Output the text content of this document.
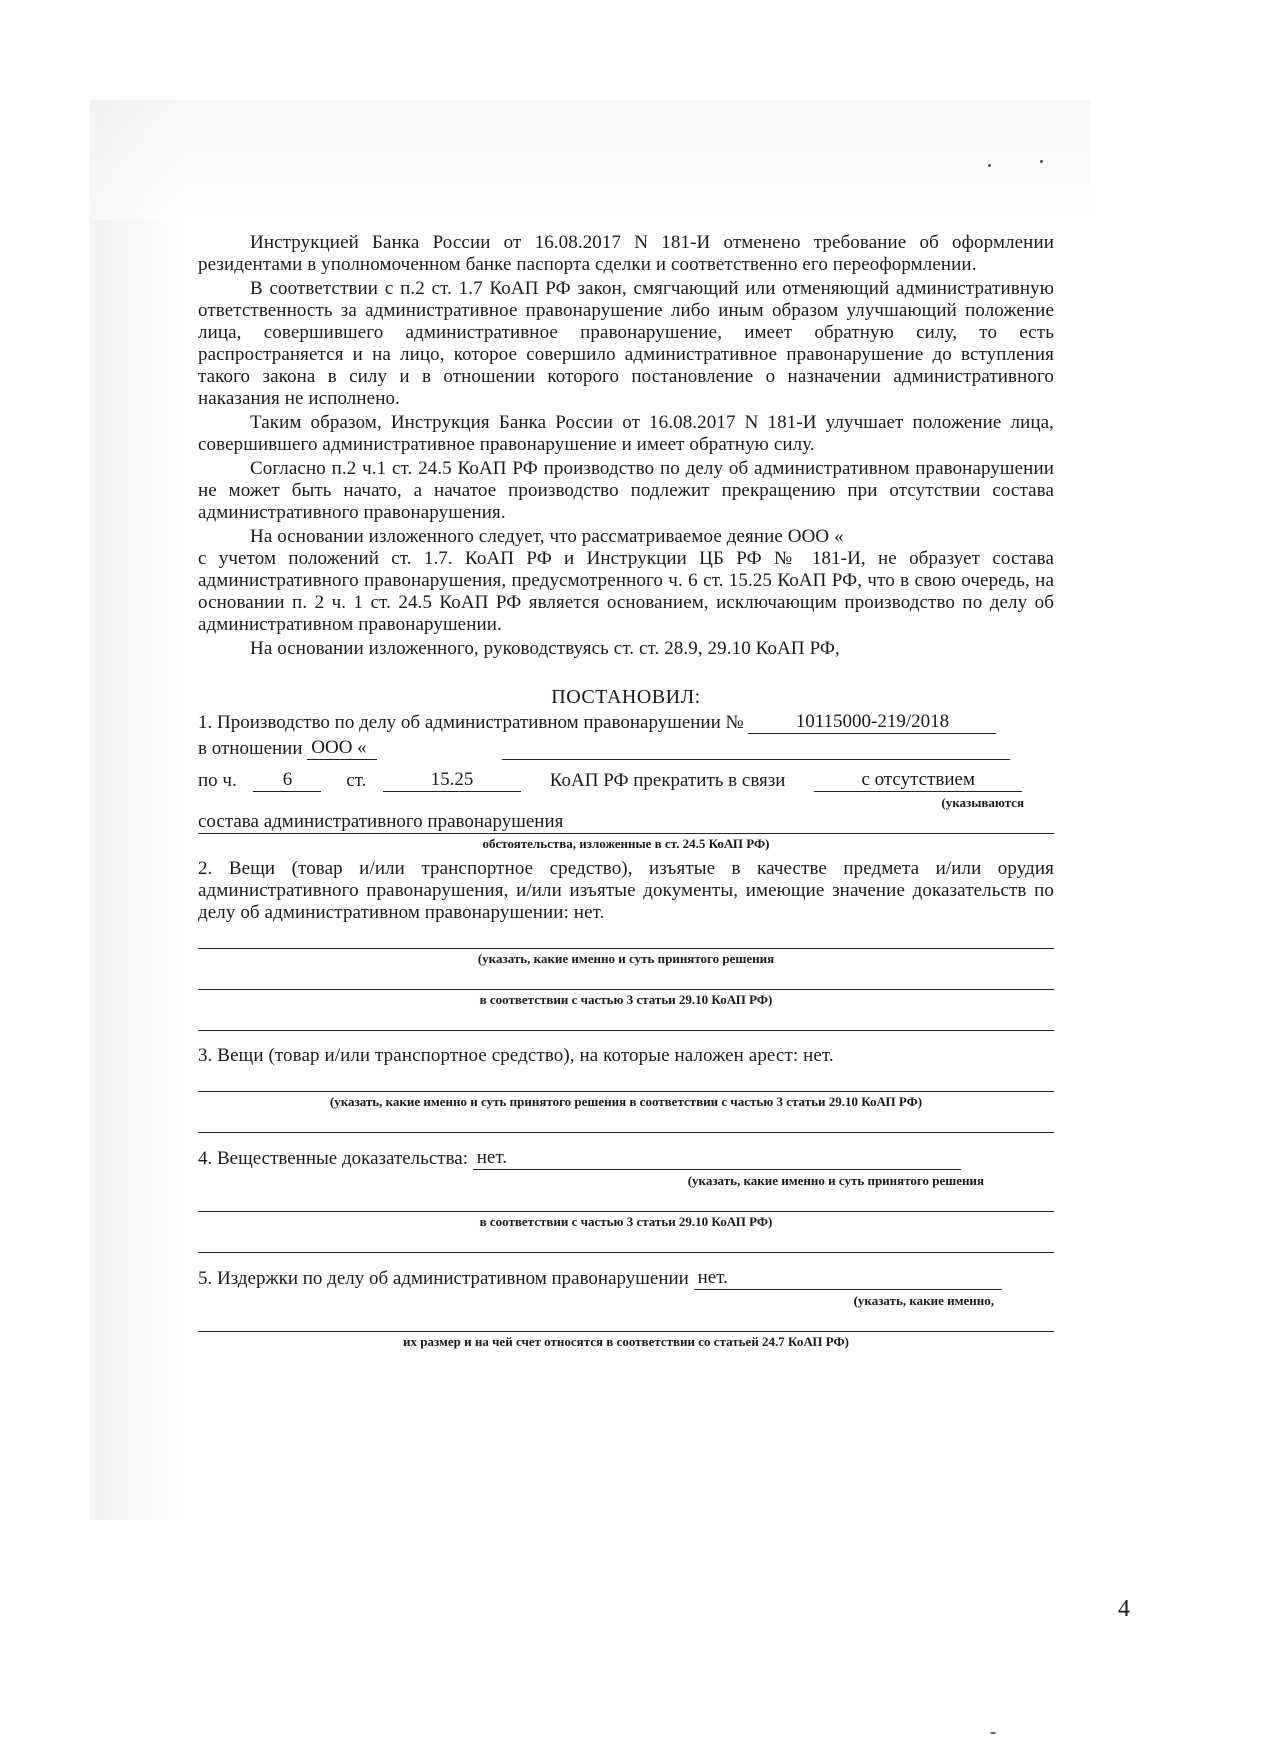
Инструкцией Банка России от 16.08.2017 N 181-И отменено требование об оформлении резидентами в уполномоченном банке паспорта сделки и соответственно его переоформлении.

В соответствии с п.2 ст. 1.7 КоАП РФ закон, смягчающий или отменяющий административную ответственность за административное правонарушение либо иным образом улучшающий положение лица, совершившего административное правонарушение, имеет обратную силу, то есть распространяется и на лицо, которое совершило административное правонарушение до вступления такого закона в силу и в отношении которого постановление о назначении административного наказания не исполнено.

Таким образом, Инструкция Банка России от 16.08.2017 N 181-И улучшает положение лица, совершившего административное правонарушение и имеет обратную силу.

Согласно п.2 ч.1 ст. 24.5 КоАП РФ производство по делу об административном правонарушении не может быть начато, а начатое производство подлежит прекращению при отсутствии состава административного правонарушения.

На основании изложенного следует, что рассматриваемое деяние ООО «

с учетом положений ст. 1.7. КоАП РФ и Инструкции ЦБ РФ № 181-И, не образует состава административного правонарушения, предусмотренного ч. 6 ст. 15.25 КоАП РФ, что в свою очередь, на основании п. 2 ч. 1 ст. 24.5 КоАП РФ является основанием, исключающим производство по делу об административном правонарушении.

На основании изложенного, руководствуясь ст. ст. 28.9, 29.10 КоАП РФ,

ПОСТАНОВИЛ:
1. Производство по делу об административном правонарушении №	10115000-219/2018
в отношении ООО «
по ч. 6	ст.	15.25	КоАП РФ прекратить в связи	с отсутствием
(указываются
состава административного правонарушения
обстоятельства, изложенные в ст. 24.5 КоАП РФ)

2. Вещи (товар и/или транспортное средство), изъятые в качестве предмета и/или орудия административного правонарушения, и/или изъятые документы, имеющие значение доказательств по делу об административном правонарушении: нет.

(указать, какие именно и суть принятого решения
в соответствии с частью 3 статьи 29.10 КоАП РФ)

3. Вещи (товар и/или транспортное средство), на которые наложен арест: нет.

(указать, какие именно и суть принятого решения в соответствии с частью 3 статьи 29.10 КоАП РФ)
4. Вещественные доказательства: нет.
(указать, какие именно и суть принятого решения
в соответствии с частью 3 статьи 29.10 КоАП РФ)
5. Издержки по делу об административном правонарушении нет.
(указать, какие именно,
их размер и на чей счет относятся в соответствии со статьей 24.7 КоАП РФ)
4
